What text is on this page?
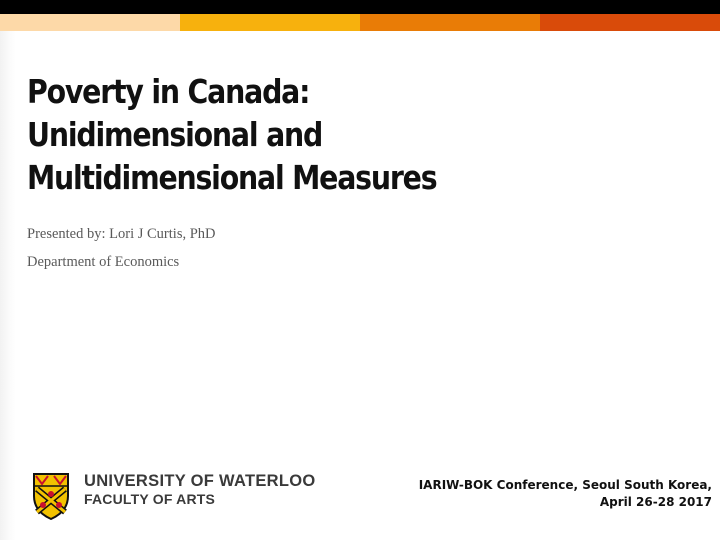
Poverty in Canada:
Unidimensional and
Multidimensional Measures

Presented by: Lori J Curtis, PhD

Department of Economics

UNIVERSITY OF WATERLOO
FACULTY OF ARTS
IARIW-BOK Conference, Seoul South Korea,
April 26-28 2017
